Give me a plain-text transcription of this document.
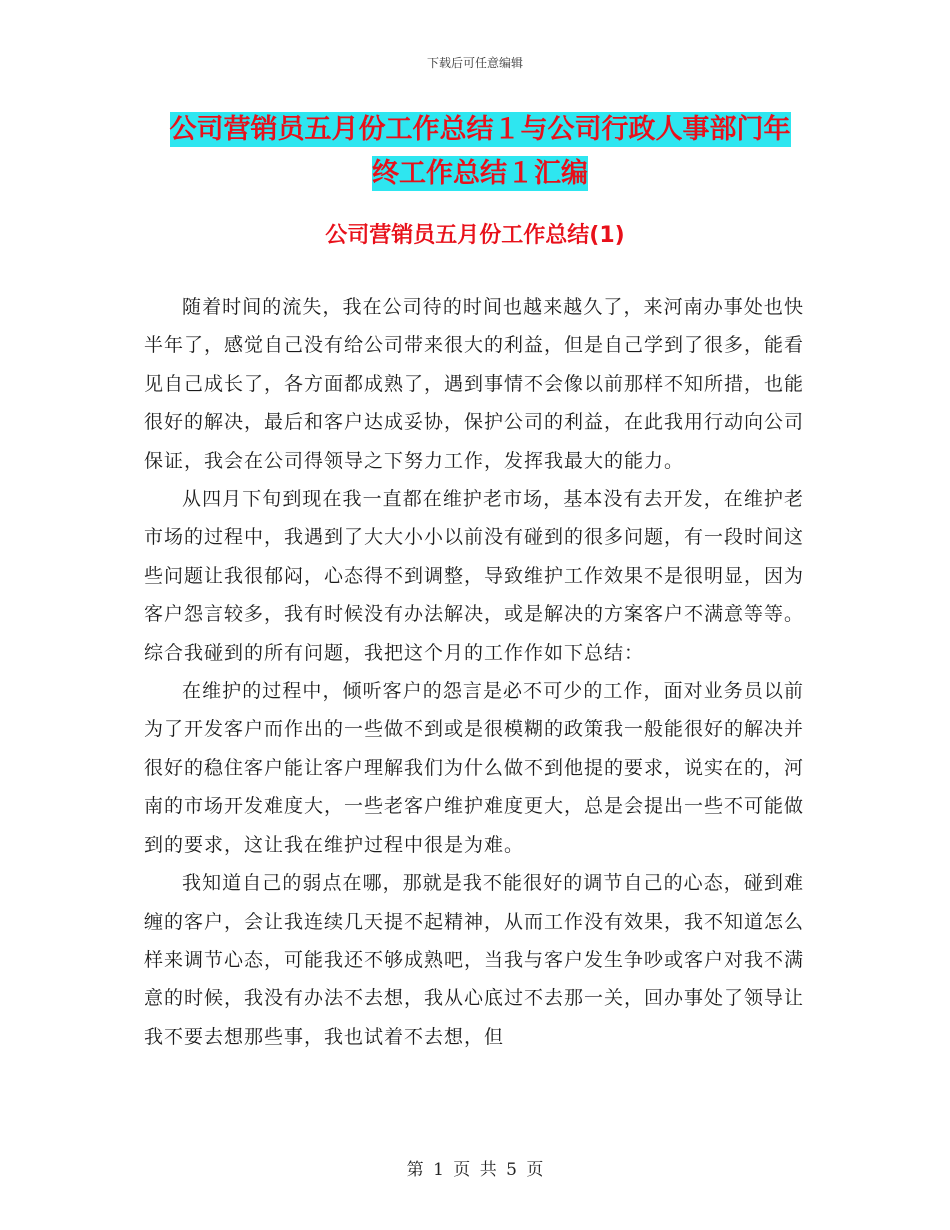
下载后可任意编辑
公司营销员五月份工作总结１与公司行政人事部门年
终工作总结１汇编
公司营销员五月份工作总结(1)

随着时间的流失，我在公司待的时间也越来越久了，来河南办事处也快半年了，感觉自己没有给公司带来很大的利益，但是自己学到了很多，能看见自己成长了，各方面都成熟了，遇到事情不会像以前那样不知所措，也能很好的解决，最后和客户达成妥协，保护公司的利益，在此我用行动向公司保证，我会在公司得领导之下努力工作，发挥我最大的能力。

从四月下旬到现在我一直都在维护老市场，基本没有去开发，在维护老市场的过程中，我遇到了大大小小以前没有碰到的很多问题，有一段时间这些问题让我很郁闷，心态得不到调整，导致维护工作效果不是很明显，因为客户怨言较多，我有时候没有办法解决，或是解决的方案客户不满意等等。综合我碰到的所有问题，我把这个月的工作作如下总结：

在维护的过程中，倾听客户的怨言是必不可少的工作，面对业务员以前为了开发客户而作出的一些做不到或是很模糊的政策我一般能很好的解决并很好的稳住客户能让客户理解我们为什么做不到他提的要求，说实在的，河南的市场开发难度大，一些老客户维护难度更大，总是会提出一些不可能做到的要求，这让我在维护过程中很是为难。

我知道自己的弱点在哪，那就是我不能很好的调节自己的心态，碰到难缠的客户，会让我连续几天提不起精神，从而工作没有效果，我不知道怎么样来调节心态，可能我还不够成熟吧，当我与客户发生争吵或客户对我不满意的时候，我没有办法不去想，我从心底过不去那一关，回办事处了领导让我不要去想那些事，我也试着不去想，但

第 1 页 共 5 页
